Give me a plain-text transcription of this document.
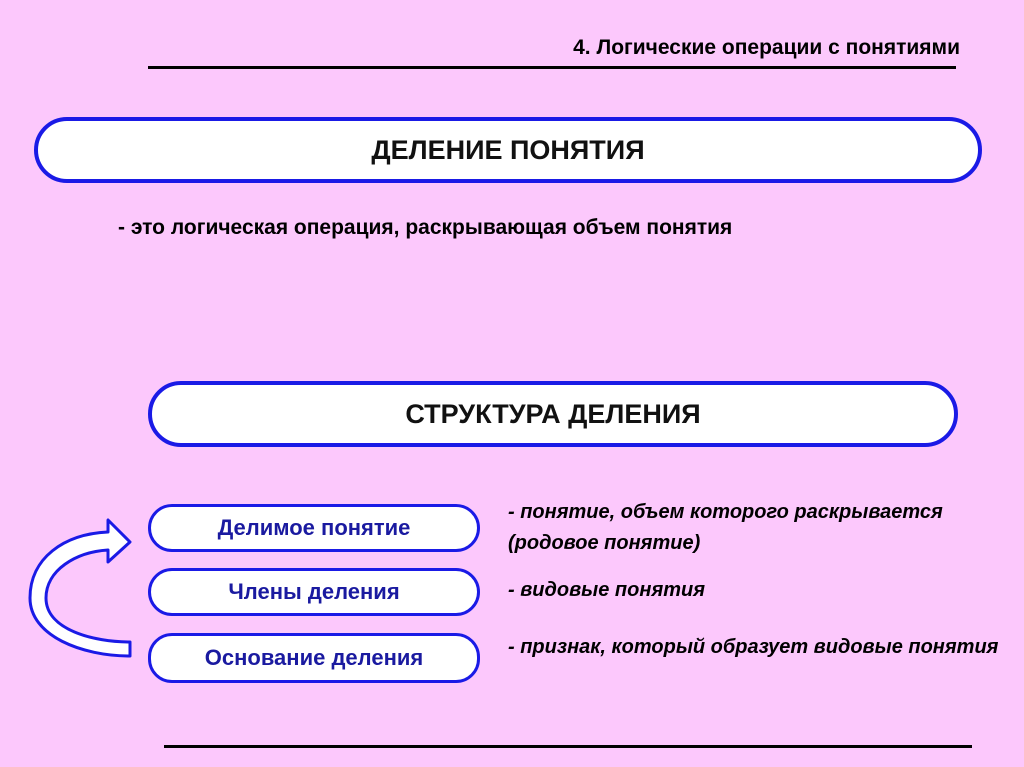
4. Логические операции с понятиями
ДЕЛЕНИЕ ПОНЯТИЯ
- это логическая операция, раскрывающая объем понятия
СТРУКТУРА ДЕЛЕНИЯ
Делимое понятие
Члены деления
Основание деления
- понятие, объем которого раскрывается (родовое понятие)
- видовые понятия
- признак, который образует видовые понятия
